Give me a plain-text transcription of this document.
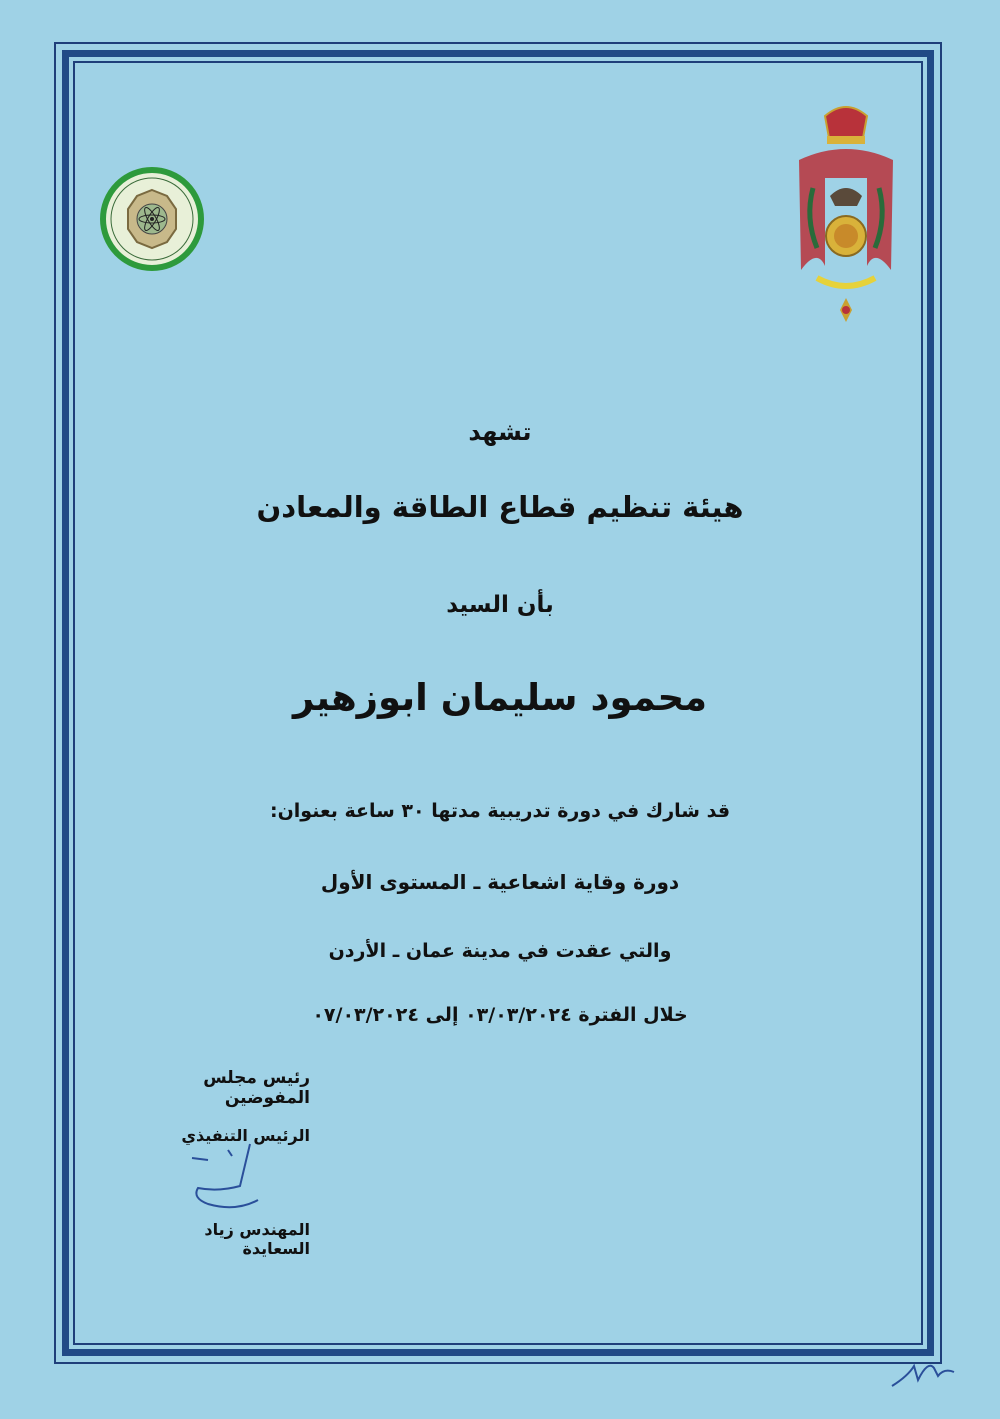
تشهد
هيئة تنظيم قطاع الطاقة والمعادن
بأن السيد
محمود سليمان ابوزهير
قد شارك في دورة تدريبية مدتها ٣٠ ساعة بعنوان:
دورة وقاية اشعاعية ـ المستوى الأول
والتي عقدت في مدينة عمان ـ الأردن
خلال الفترة ٠٣/٠٣/٢٠٢٤ إلى ٠٧/٠٣/٢٠٢٤
رئيس مجلس المفوضين
الرئيس التنفيذي
المهندس زياد السعايدة
